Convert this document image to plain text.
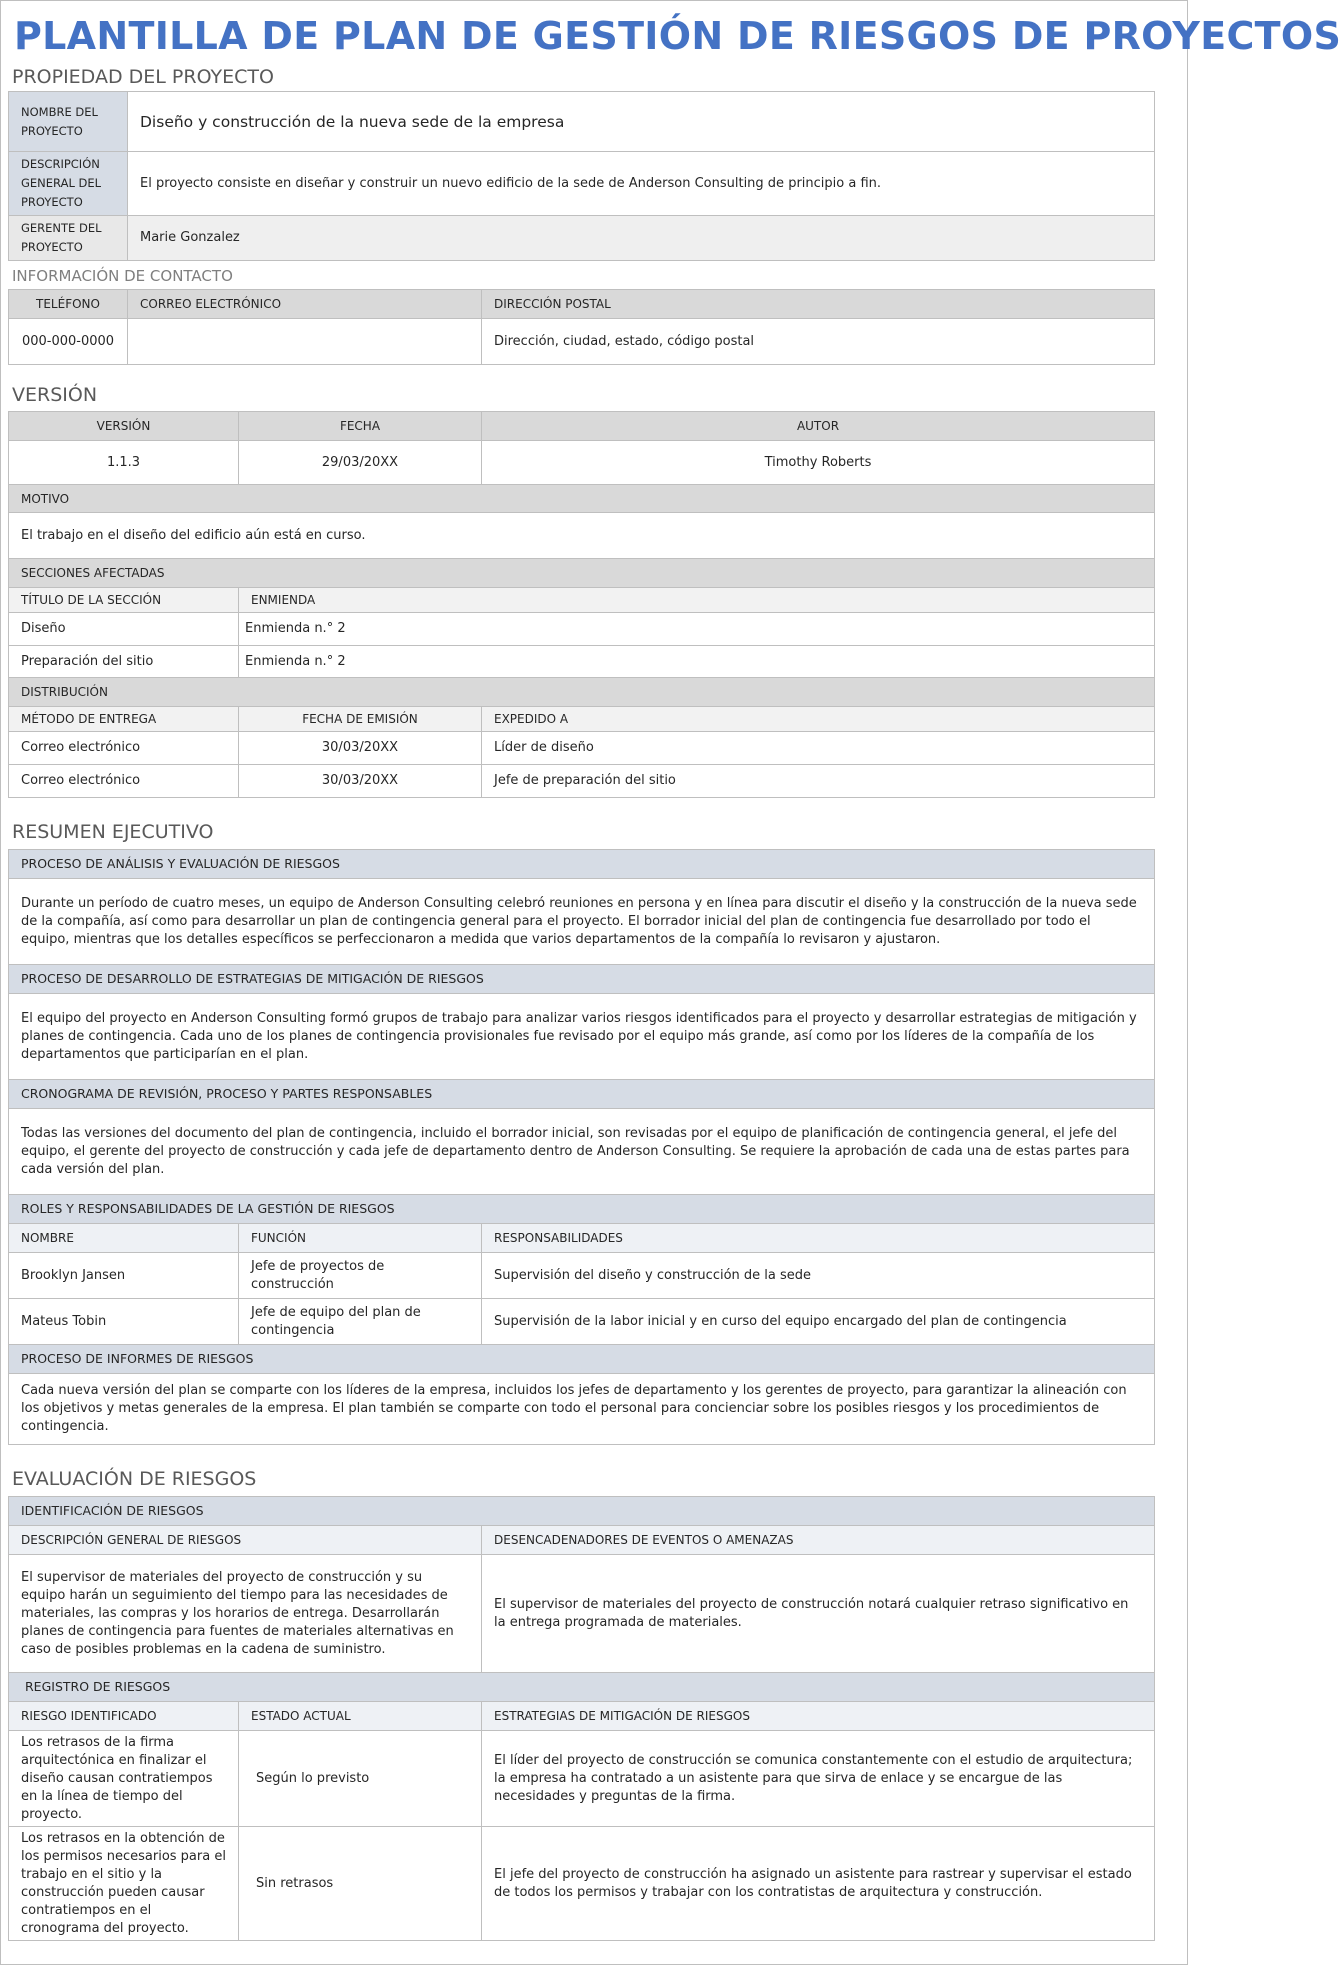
PLANTILLA DE PLAN DE GESTIÓN DE RIESGOS DE PROYECTOS
PROPIEDAD DEL PROYECTO
NOMBRE DEL PROYECTO	Diseño y construcción de la nueva sede de la empresa
DESCRIPCIÓN GENERAL DEL PROYECTO	El proyecto consiste en diseñar y construir un nuevo edificio de la sede de Anderson Consulting de principio a fin.
GERENTE DEL PROYECTO	Marie Gonzalez
INFORMACIÓN DE CONTACTO
TELÉFONO	CORREO ELECTRÓNICO	DIRECCIÓN POSTAL
000-000-0000		Dirección, ciudad, estado, código postal
VERSIÓN
VERSIÓN	FECHA	AUTOR
1.1.3	29/03/20XX	Timothy Roberts
MOTIVO		
El trabajo en el diseño del edificio aún está en curso.		
SECCIONES AFECTADAS		
TÍTULO DE LA SECCIÓN	ENMIENDA	
Diseño	Enmienda n.° 2	
Preparación del sitio	Enmienda n.° 2	
DISTRIBUCIÓN		
MÉTODO DE ENTREGA	FECHA DE EMISIÓN	EXPEDIDO A
Correo electrónico	30/03/20XX	Líder de diseño
Correo electrónico	30/03/20XX	Jefe de preparación del sitio
RESUMEN EJECUTIVO
PROCESO DE ANÁLISIS Y EVALUACIÓN DE RIESGOS		
Durante un período de cuatro meses, un equipo de Anderson Consulting celebró reuniones en persona y en línea para discutir el diseño y la construcción de la nueva sede de la compañía, así como para desarrollar un plan de contingencia general para el proyecto. El borrador inicial del plan de contingencia fue desarrollado por todo el equipo, mientras que los detalles específicos se perfeccionaron a medida que varios departamentos de la compañía lo revisaron y ajustaron.		
PROCESO DE DESARROLLO DE ESTRATEGIAS DE MITIGACIÓN DE RIESGOS		
El equipo del proyecto en Anderson Consulting formó grupos de trabajo para analizar varios riesgos identificados para el proyecto y desarrollar estrategias de mitigación y planes de contingencia. Cada uno de los planes de contingencia provisionales fue revisado por el equipo más grande, así como por los líderes de la compañía de los departamentos que participarían en el plan.		
CRONOGRAMA DE REVISIÓN, PROCESO Y PARTES RESPONSABLES		
Todas las versiones del documento del plan de contingencia, incluido el borrador inicial, son revisadas por el equipo de planificación de contingencia general, el jefe del equipo, el gerente del proyecto de construcción y cada jefe de departamento dentro de Anderson Consulting. Se requiere la aprobación de cada una de estas partes para cada versión del plan.		
ROLES Y RESPONSABILIDADES DE LA GESTIÓN DE RIESGOS		
NOMBRE	FUNCIÓN	RESPONSABILIDADES
Brooklyn Jansen	Jefe de proyectos de construcción	Supervisión del diseño y construcción de la sede
Mateus Tobin	Jefe de equipo del plan de contingencia	Supervisión de la labor inicial y en curso del equipo encargado del plan de contingencia
PROCESO DE INFORMES DE RIESGOS		
Cada nueva versión del plan se comparte con los líderes de la empresa, incluidos los jefes de departamento y los gerentes de proyecto, para garantizar la alineación con los objetivos y metas generales de la empresa. El plan también se comparte con todo el personal para concienciar sobre los posibles riesgos y los procedimientos de contingencia.		
EVALUACIÓN DE RIESGOS
IDENTIFICACIÓN DE RIESGOS		
DESCRIPCIÓN GENERAL DE RIESGOS		DESENCADENADORES DE EVENTOS O AMENAZAS
El supervisor de materiales del proyecto de construcción y su equipo harán un seguimiento del tiempo para las necesidades de materiales, las compras y los horarios de entrega. Desarrollarán planes de contingencia para fuentes de materiales alternativas en caso de posibles problemas en la cadena de suministro.		El supervisor de materiales del proyecto de construcción notará cualquier retraso significativo en la entrega programada de materiales.
REGISTRO DE RIESGOS		
RIESGO IDENTIFICADO	ESTADO ACTUAL	ESTRATEGIAS DE MITIGACIÓN DE RIESGOS
Los retrasos de la firma arquitectónica en finalizar el diseño causan contratiempos en la línea de tiempo del proyecto.	Según lo previsto	El líder del proyecto de construcción se comunica constantemente con el estudio de arquitectura; la empresa ha contratado a un asistente para que sirva de enlace y se encargue de las necesidades y preguntas de la firma.
Los retrasos en la obtención de los permisos necesarios para el trabajo en el sitio y la construcción pueden causar contratiempos en el cronograma del proyecto.	Sin retrasos	El jefe del proyecto de construcción ha asignado un asistente para rastrear y supervisar el estado de todos los permisos y trabajar con los contratistas de arquitectura y construcción.
